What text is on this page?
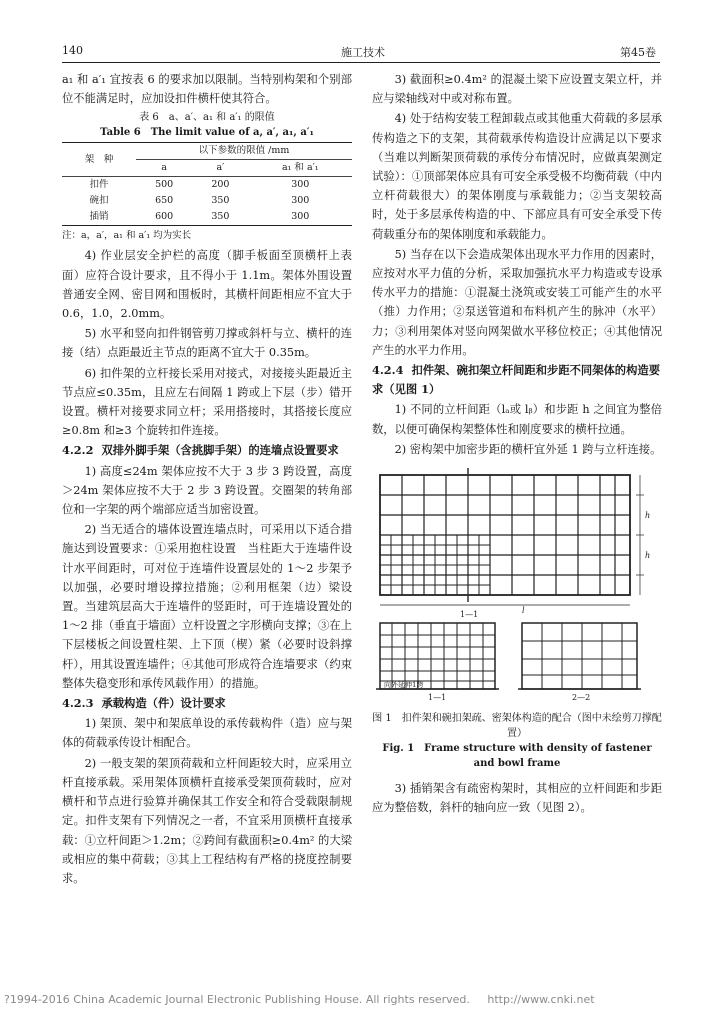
140	施工技术	第45卷

a₁ 和 a′₁ 宜按表 6 的要求加以限制。当特别构架和个别部位不能满足时，应加设扣件横杆使其符合。

表 6　a、a′、a₁ 和 a′₁ 的限值
Table 6　The limit value of a, a′, a₁, a′₁
架　种	以下参数的限值 /mm		
	a	a′	a₁ 和 a′₁
扣件	500	200	300
碗扣	650	350	300
插销	600	350	300
注：a，a′，a₁ 和 a′₁ 均为实长

4) 作业层安全护栏的高度（脚手板面至顶横杆上表面）应符合设计要求，且不得小于 1.1m。架体外围设置普通安全网、密目网和围板时，其横杆间距相应不宜大于 0.6，1.0，2.0mm。

5) 水平和竖向扣件钢管剪刀撑或斜杆与立、横杆的连接（结）点距最近主节点的距离不宜大于 0.35m。

6) 扣件架的立杆接长采用对接式，对接接头距最近主节点应≤0.35m，且应左右间隔 1 跨或上下层（步）错开设置。横杆对接要求同立杆；采用搭接时，其搭接长度应≥0.8m 和≥3 个旋转扣件连接。

4.2.2 双排外脚手架（含挑脚手架）的连墙点设置要求

1) 高度≤24m 架体应按不大于 3 步 3 跨设置，高度＞24m 架体应按不大于 2 步 3 跨设置。交圈架的转角部位和一字架的两个端部应适当加密设置。

2) 当无适合的墙体设置连墙点时，可采用以下适合措施达到设置要求：①采用抱柱设置　当柱距大于连墙件设计水平间距时，可对位于连墙件设置层处的 1～2 步架予以加强，必要时增设撑拉措施；②利用框架（边）梁设置。当建筑层高大于连墙件的竖距时，可于连墙设置处的 1～2 排（垂直于墙面）立杆设置之字形横向支撑；③在上下层楼板之间设置柱架、上下顶（楔）紧（必要时设斜撑杆），用其设置连墙件；④其他可形成符合连墙要求（约束整体失稳变形和承传风载作用）的措施。

4.2.3 承载构造（件）设计要求

1) 架顶、架中和架底单设的承传载构件（造）应与架体的荷载承传设计相配合。

2) 一般支架的架顶荷载和立杆间距较大时，应采用立杆直接承载。采用架体顶横杆直接承受架顶荷载时，应对横杆和节点进行验算并确保其工作安全和符合受载限制规定。扣件支架有下列情况之一者，不宜采用顶横杆直接承载：①立杆间距＞1.2m；②跨间有截面积≥0.4m² 的大梁或相应的集中荷载；③其上工程结构有严格的挠度控制要求。

3) 截面积≥0.4m² 的混凝土梁下应设置支架立杆，并应与梁轴线对中或对称布置。

4) 处于结构安装工程卸载点或其他重大荷载的多层承传构造之下的支架，其荷载承传构造设计应满足以下要求（当难以判断架顶荷载的承传分布情况时，应做真架测定试验）：①顶部架体应具有可安全承受极不均衡荷载（中内立杆荷载很大）的架体刚度与承载能力；②当支架较高时，处于多层承传构造的中、下部应具有可安全承受下传荷载重分布的架体刚度和承载能力。

5) 当存在以下会造成架体出现水平力作用的因素时，应按对水平力值的分析，采取加强抗水平力构造或专设承传水平力的措施：①混凝土浇筑或安装工可能产生的水平（推）力作用；②泵送管道和布料机产生的脉冲（水平）力；③利用架体对竖向网架做水平移位校正；④其他情况产生的水平力作用。

4.2.4 扣件架、碗扣架立杆间距和步距不同架体的构造要求（见图 1）

1) 不同的立杆间距（lₐ或 lᵦ）和步距 h 之间宜为整倍数，以便可确保构架整体性和刚度要求的横杆拉通。

2) 密构架中加密步距的横杆宜外延 1 跨与立杆连接。

1—1
h
h
l
向外延伸1跨
1—1	2—2
图 1　扣件架和碗扣架疏、密架体构造的配合（图中未绘剪刀撑配置）
Fig. 1　Frame structure with density of fastener and bowl frame

3) 插销架含有疏密构架时，其相应的立杆间距和步距应为整倍数，斜杆的轴向应一致（见图 2）。

?1994-2016 China Academic Journal Electronic Publishing House. All rights reserved. http://www.cnki.net
